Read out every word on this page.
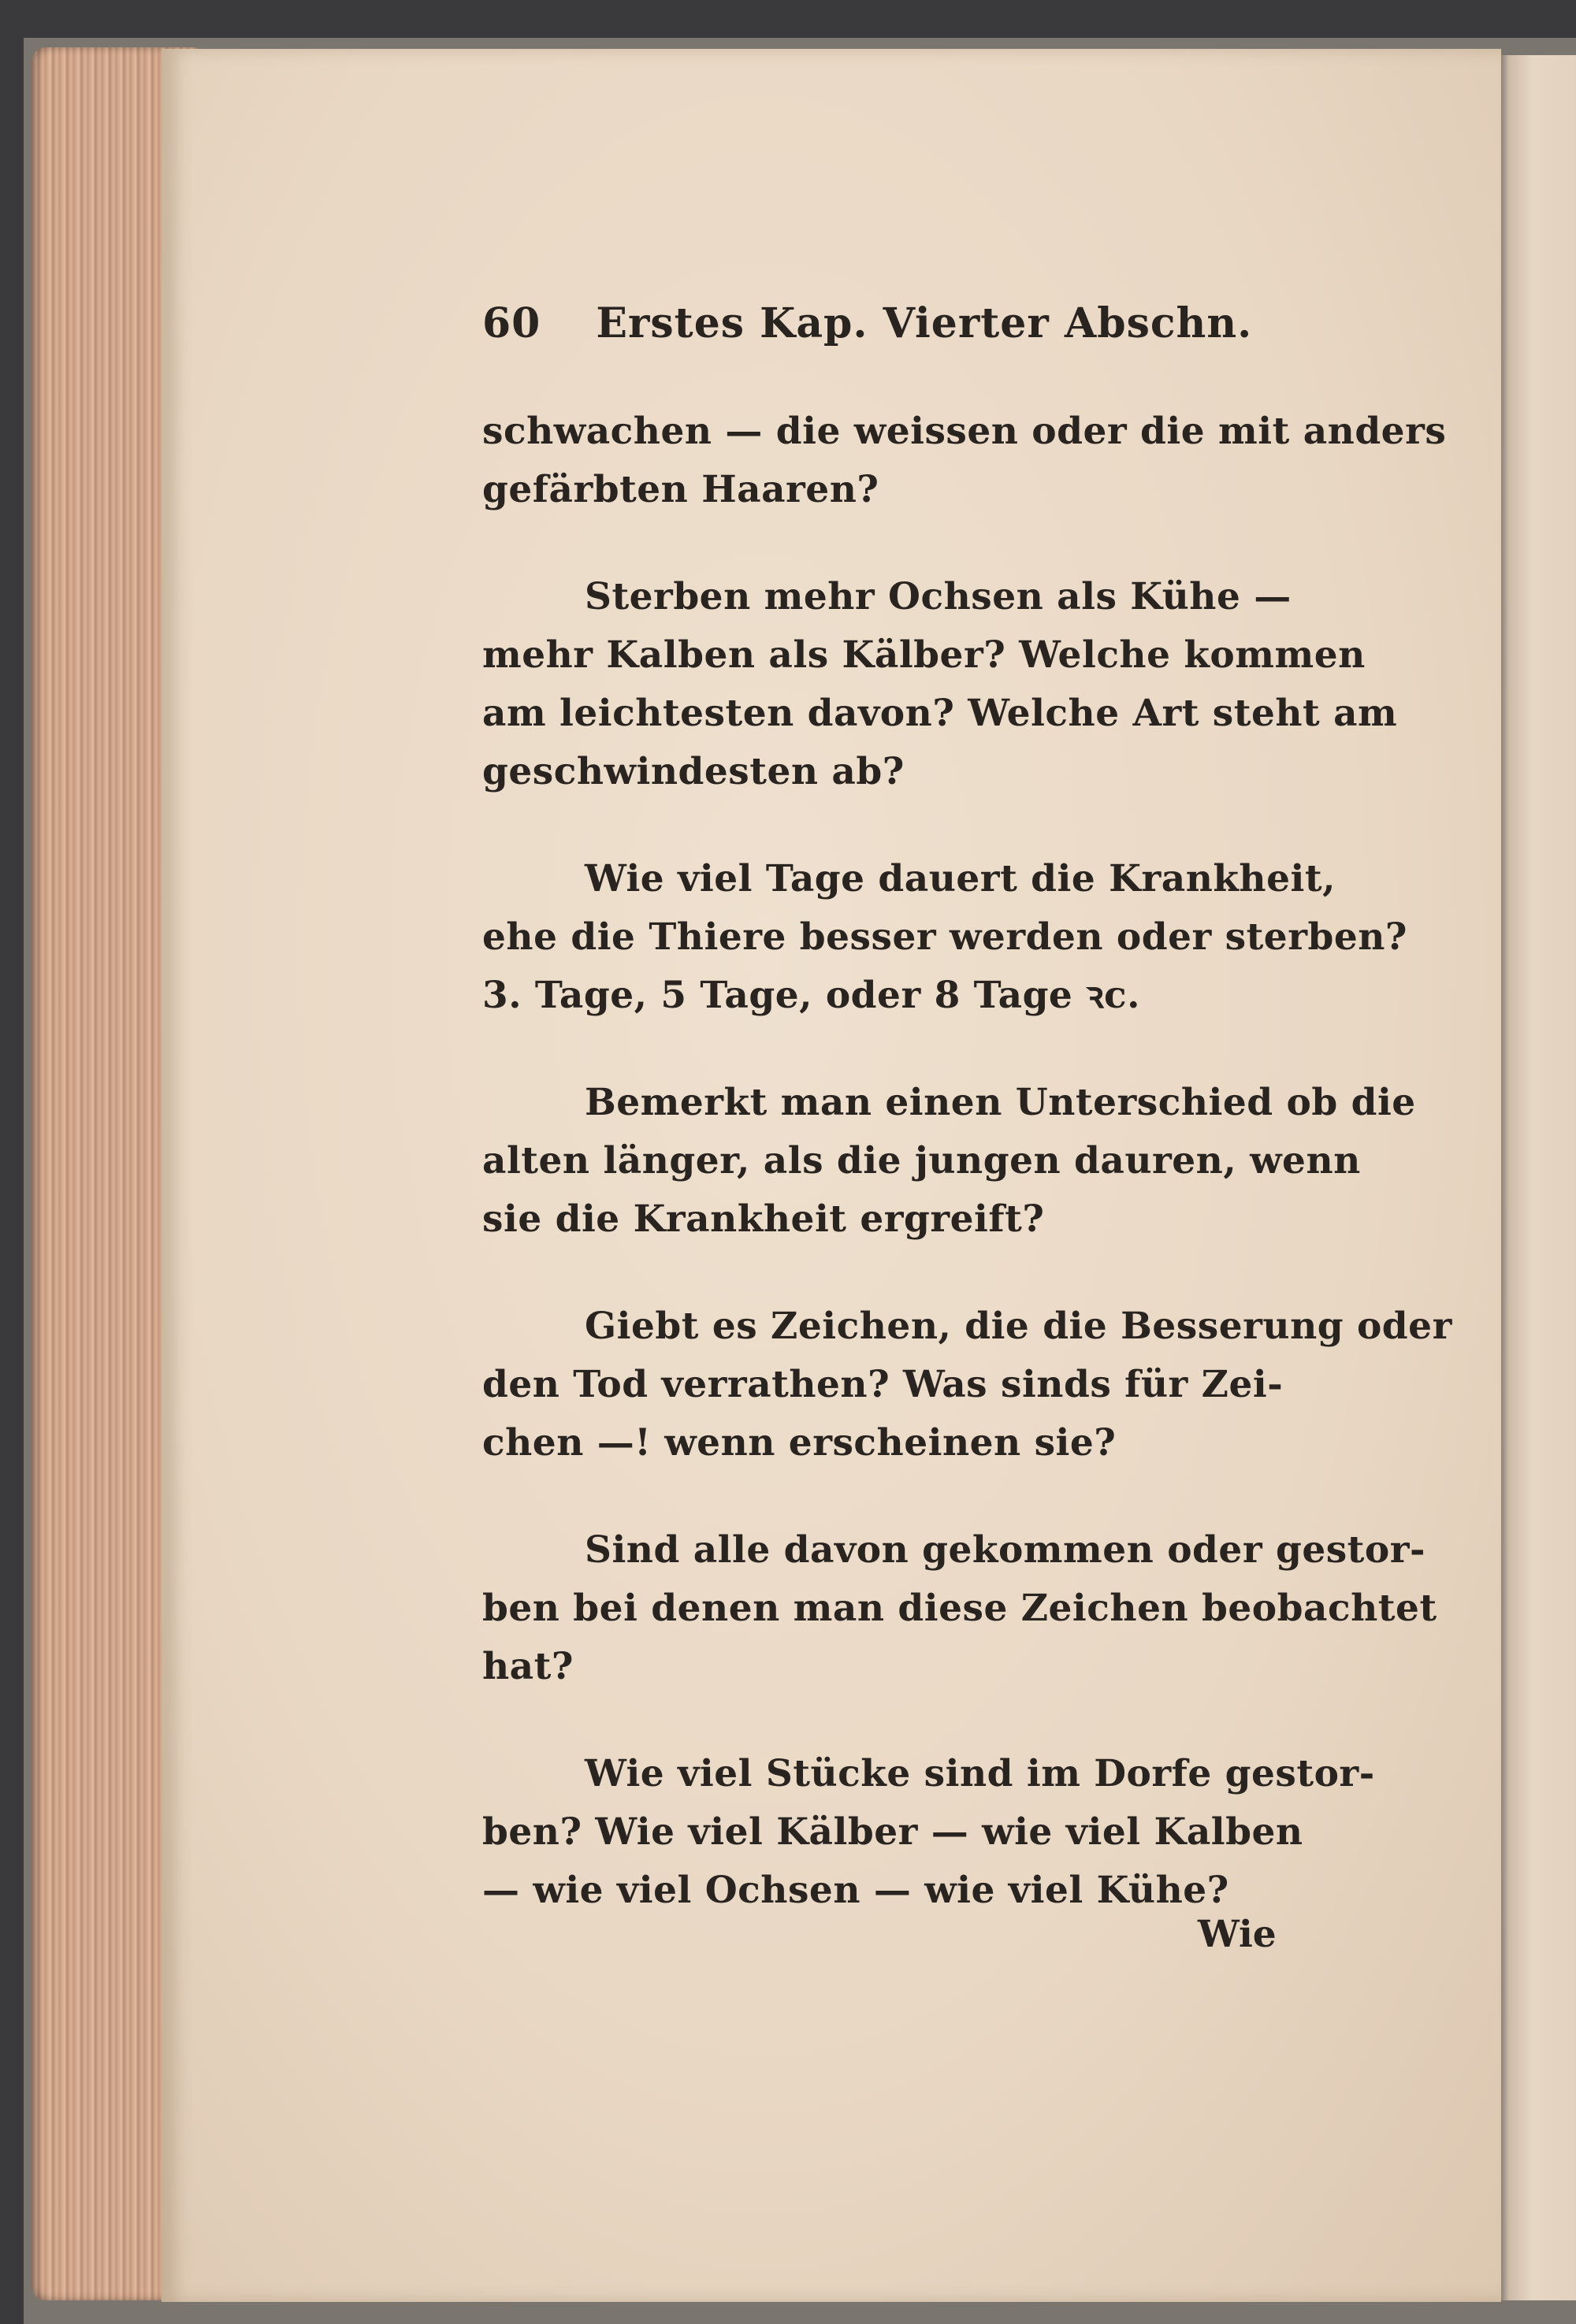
60 Erstes Kap. Vierter Abschn.
schwachen — die weissen oder die mit anders
gefärbten Haaren?
Sterben mehr Ochsen als Kühe —
mehr Kalben als Kälber? Welche kommen
am leichtesten davon? Welche Art steht am
geschwindesten ab?
Wie viel Tage dauert die Krankheit,
ehe die Thiere besser werden oder sterben?
3. Tage, 5 Tage, oder 8 Tage ꝛc.
Bemerkt man einen Unterschied ob die
alten länger, als die jungen dauren, wenn
sie die Krankheit ergreift?
Giebt es Zeichen, die die Besserung oder
den Tod verrathen? Was sinds für Zei-
chen —! wenn erscheinen sie?
Sind alle davon gekommen oder gestor-
ben bei denen man diese Zeichen beobachtet
hat?
Wie viel Stücke sind im Dorfe gestor-
ben? Wie viel Kälber — wie viel Kalben
— wie viel Ochsen — wie viel Kühe?
Wie
